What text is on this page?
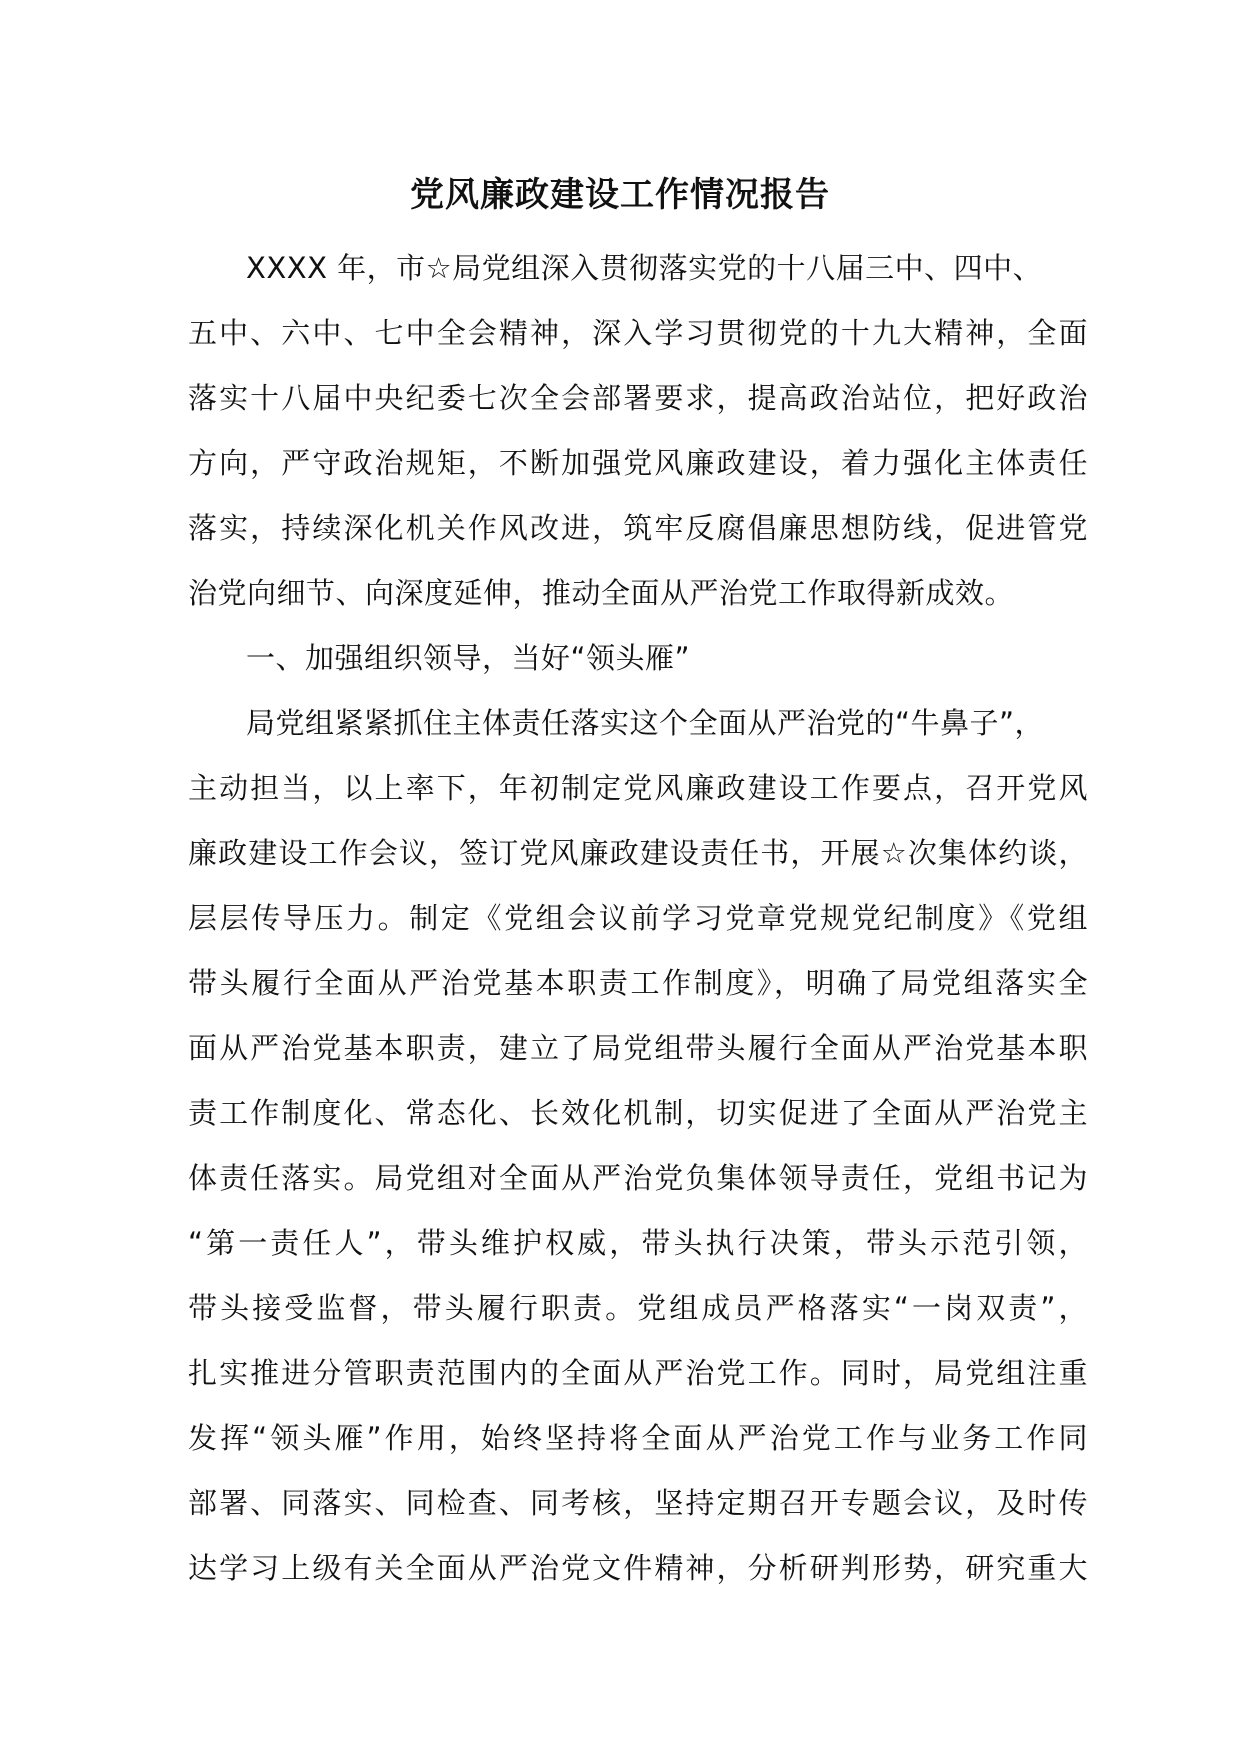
党风廉政建设工作情况报告
XXXX 年，市☆局党组深入贯彻落实党的十八届三中、四中、
五中、六中、七中全会精神，深入学习贯彻党的十九大精神，全面
落实十八届中央纪委七次全会部署要求，提高政治站位，把好政治
方向，严守政治规矩，不断加强党风廉政建设，着力强化主体责任
落实，持续深化机关作风改进，筑牢反腐倡廉思想防线，促进管党
治党向细节、向深度延伸，推动全面从严治党工作取得新成效。
一、加强组织领导，当好“领头雁”
局党组紧紧抓住主体责任落实这个全面从严治党的“牛鼻子”，
主动担当，以上率下，年初制定党风廉政建设工作要点，召开党风
廉政建设工作会议，签订党风廉政建设责任书，开展☆次集体约谈，
层层传导压力。制定《党组会议前学习党章党规党纪制度》《党组
带头履行全面从严治党基本职责工作制度》，明确了局党组落实全
面从严治党基本职责，建立了局党组带头履行全面从严治党基本职
责工作制度化、常态化、长效化机制，切实促进了全面从严治党主
体责任落实。局党组对全面从严治党负集体领导责任，党组书记为
“第一责任人”，带头维护权威，带头执行决策，带头示范引领，
带头接受监督，带头履行职责。党组成员严格落实“一岗双责”，
扎实推进分管职责范围内的全面从严治党工作。同时，局党组注重
发挥“领头雁”作用，始终坚持将全面从严治党工作与业务工作同
部署、同落实、同检查、同考核，坚持定期召开专题会议，及时传
达学习上级有关全面从严治党文件精神，分析研判形势，研究重大
